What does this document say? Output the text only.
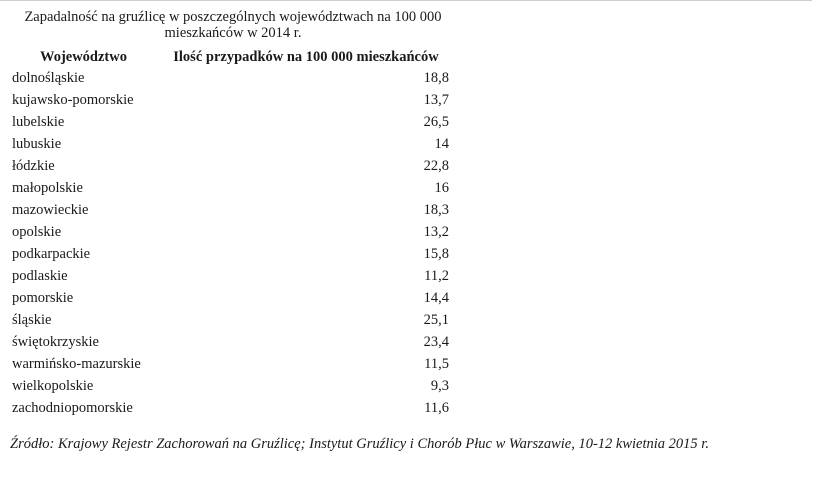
Zapadalność na gruźlicę w poszczególnych województwach na 100 000 mieszkańców w 2014 r.
Województwo	Ilość przypadków na 100 000 mieszkańców
dolnośląskie	18,8
kujawsko-pomorskie	13,7
lubelskie	26,5
lubuskie	14
łódzkie	22,8
małopolskie	16
mazowieckie	18,3
opolskie	13,2
podkarpackie	15,8
podlaskie	11,2
pomorskie	14,4
śląskie	25,1
świętokrzyskie	23,4
warmińsko-mazurskie	11,5
wielkopolskie	9,3
zachodniopomorskie	11,6
Źródło: Krajowy Rejestr Zachorowań na Gruźlicę; Instytut Gruźlicy i Chorób Płuc w Warszawie, 10-12 kwietnia 2015 r.
